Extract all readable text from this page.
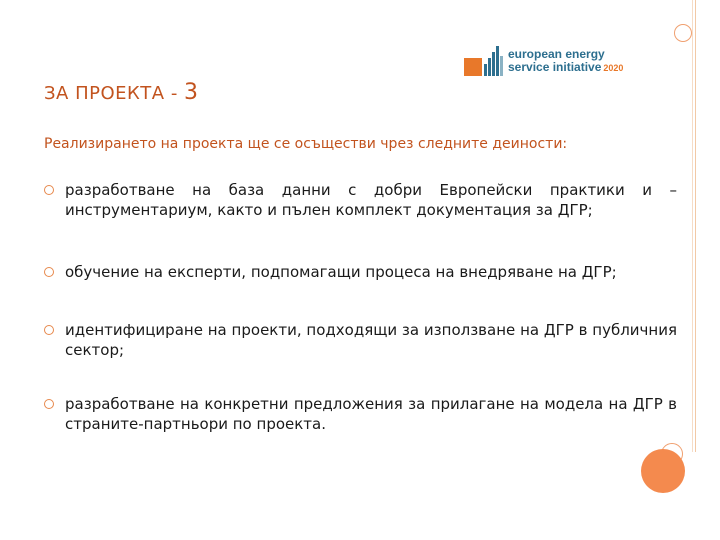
european energy
service initiative 2020
ЗА ПРОЕКТА - 3
Реализирането на проекта ще се осъществи чрез следните деиности:
разработване на база данни с добри Европейски практики и – инструментариум, както и пълен комплект документация за ДГР;
обучение на експерти, подпомагащи процеса на внедряване на ДГР;
идентифициране на проекти, подходящи за използване на ДГР в публичния сектор;
разработване на конкретни предложения за прилагане на модела на ДГР в страните-партньори по проекта.
